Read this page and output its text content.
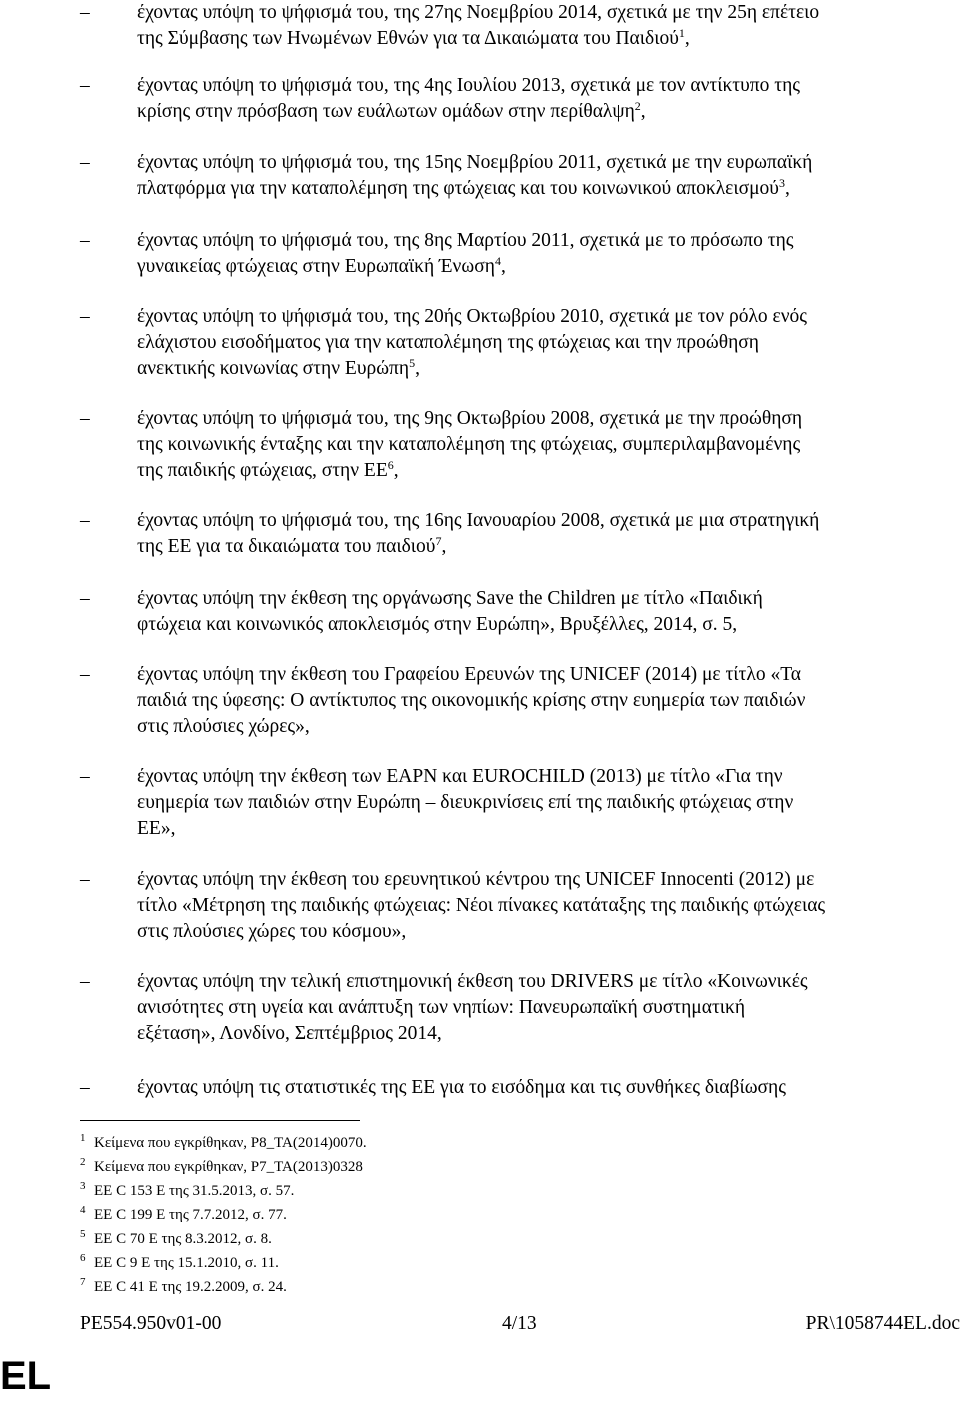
– έχοντας υπόψη το ψήφισμά του, της 27ης Νοεμβρίου 2014, σχετικά με την 25η επέτειο
της Σύμβασης των Ηνωμένων Εθνών για τα Δικαιώματα του Παιδιού$^1$,
– έχοντας υπόψη το ψήφισμά του, της 4ης Ιουλίου 2013, σχετικά με τον αντίκτυπο της
κρίσης στην πρόσβαση των ευάλωτων ομάδων στην περίθαλψη$^2$,
– έχοντας υπόψη το ψήφισμά του, της 15ης Νοεμβρίου 2011, σχετικά με την ευρωπαϊκή
πλατφόρμα για την καταπολέμηση της φτώχειας και του κοινωνικού αποκλεισμού$^3$,
– έχοντας υπόψη το ψήφισμά του, της 8ης Μαρτίου 2011, σχετικά με το πρόσωπο της
γυναικείας φτώχειας στην Ευρωπαϊκή Ένωση$^4$,
– έχοντας υπόψη το ψήφισμά του, της 20ής Οκτωβρίου 2010, σχετικά με τον ρόλο ενός
ελάχιστου εισοδήματος για την καταπολέμηση της φτώχειας και την προώθηση
ανεκτικής κοινωνίας στην Ευρώπη$^5$,
– έχοντας υπόψη το ψήφισμά του, της 9ης Οκτωβρίου 2008, σχετικά με την προώθηση
της κοινωνικής ένταξης και την καταπολέμηση της φτώχειας, συμπεριλαμβανομένης
της παιδικής φτώχειας, στην $EE^6$,
– έχοντας υπόψη το ψήφισμά του, της 16ης Ιανουαρίου 2008, σχετικά με μια στρατηγική
της ΕΕ για τα δικαιώματα του παιδιού$^7$,
– έχοντας υπόψη την έκθεση της οργάνωσης Save the Children με τίτλο «Παιδική
φτώχεια και κοινωνικός αποκλεισμός στην Ευρώπη», Βρυξέλλες, 2014, σ. 5,
– έχοντας υπόψη την έκθεση του Γραφείου Ερευνών της UNICEF (2014) με τίτλο «Τα
παιδιά της ύφεσης: Ο αντίκτυπος της οικονομικής κρίσης στην ευημερία των παιδιών
στις πλούσιες χώρες»,
– έχοντας υπόψη την έκθεση των EAPN και EUROCHILD (2013) με τίτλο «Για την
ευημερία των παιδιών στην Ευρώπη – διευκρινίσεις επί της παιδικής φτώχειας στην
ΕΕ»,
– έχοντας υπόψη την έκθεση του ερευνητικού κέντρου της UNICEF Innocenti (2012) με
τίτλο «Μέτρηση της παιδικής φτώχειας: Νέοι πίνακες κατάταξης της παιδικής φτώχειας
στις πλούσιες χώρες του κόσμου»,
– έχοντας υπόψη την τελική επιστημονική έκθεση του DRIVERS με τίτλο «Κοινωνικές
ανισότητες στη υγεία και ανάπτυξη των νηπίων: Πανευρωπαϊκή συστηματική
εξέταση», Λονδίνο, Σεπτέμβριος 2014,
– έχοντας υπόψη τις στατιστικές της ΕΕ για το εισόδημα και τις συνθήκες διαβίωσης
1 Κείμενα που εγκρίθηκαν, P8_TA(2014)0070.
2 Κείμενα που εγκρίθηκαν, P7_TA(2013)0328
3 ΕΕ C 153 Ε της 31.5.2013, σ. 57.
4 ΕΕ C 199 Ε της 7.7.2012, σ. 77.
5 ΕΕ C 70 Ε της 8.3.2012, σ. 8.
6 ΕΕ C 9 Ε της 15.1.2010, σ. 11.
7 ΕΕ C 41 Ε της 19.2.2009, σ. 24.
PE554.950v01-00	4/13	PR\1058744EL.doc
EL
